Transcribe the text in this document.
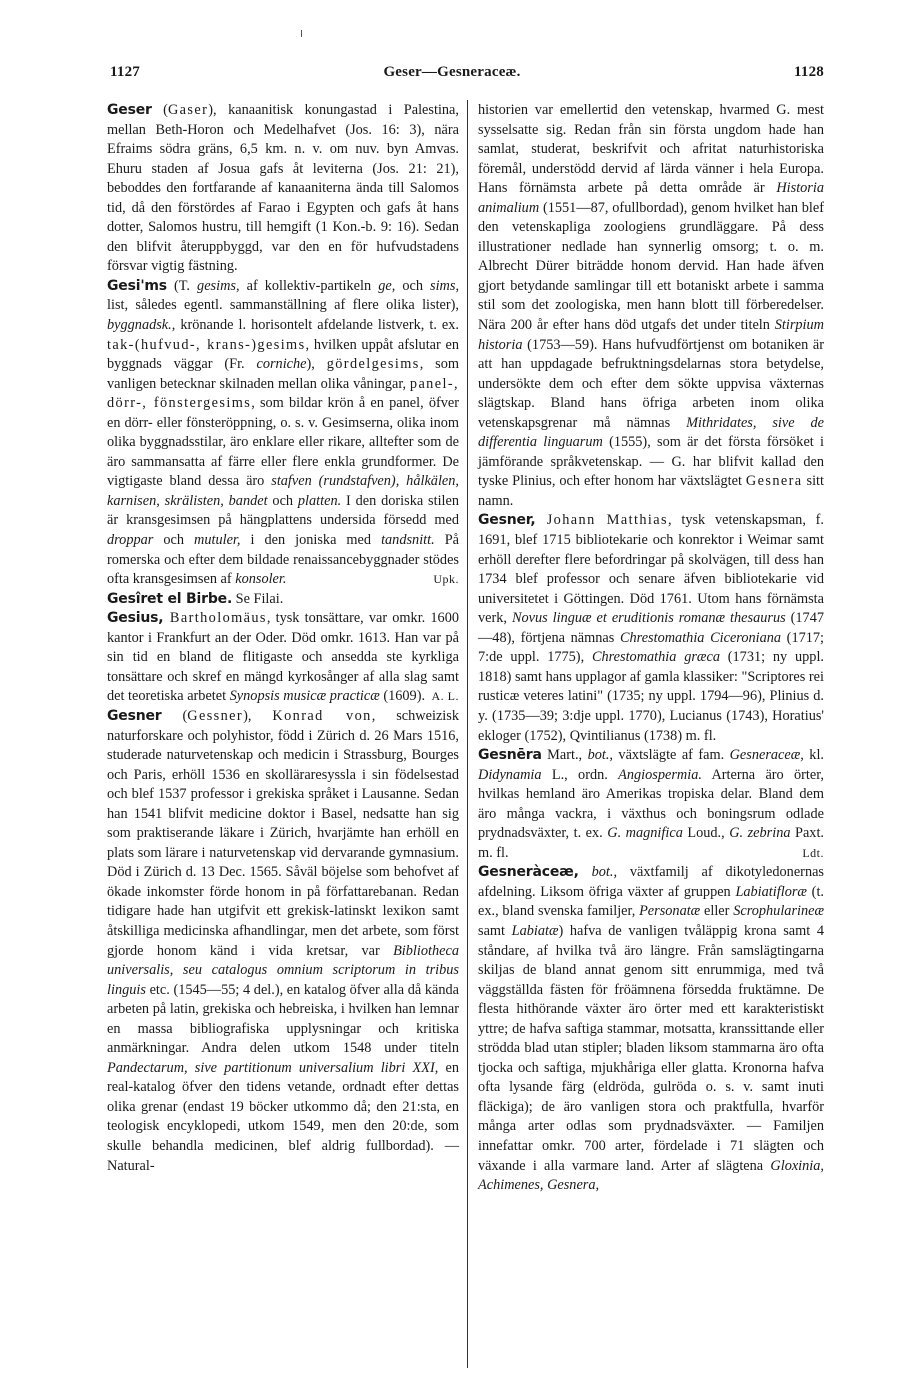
1127	Geser—Gesneraceæ.	1128

Geser (Gaser), kanaanitisk konungastad i Palestina, mellan Beth-Horon och Medelhafvet (Jos. 16: 3), nära Efraims södra gräns, 6,5 km. n. v. om nuv. byn Amvas. Ehuru staden af Josua gafs åt leviterna (Jos. 21: 21), beboddes den fortfarande af kanaaniterna ända till Salomos tid, då den förstördes af Farao i Egypten och gafs åt hans dotter, Salomos hustru, till hemgift (1 Kon.-b. 9: 16). Sedan den blifvit återuppbyggd, var den en för hufvudstadens försvar vigtig fästning.

Gesi'ms (T. gesims, af kollektiv-partikeln ge, och sims, list, således egentl. sammanställning af flere olika lister), byggnadsk., krönande l. horisontelt afdelande listverk, t. ex. tak-(hufvud-, krans-)gesims, hvilken uppåt afslutar en byggnads väggar (Fr. corniche), gördelgesims, som vanligen betecknar skilnaden mellan olika våningar, panel-, dörr-, fönstergesims, som bildar krön å en panel, öfver en dörr- eller fönsteröppning, o. s. v. Gesimserna, olika inom olika byggnadsstilar, äro enklare eller rikare, alltefter som de äro sammansatta af färre eller flere enkla grundformer. De vigtigaste bland dessa äro stafven (rundstafven), hålkälen, karnisen, skrälisten, bandet och platten. I den doriska stilen är kransgesimsen på hängplattens undersida försedd med droppar och mutuler, i den joniska med tandsnitt. På romerska och efter dem bildade renaissancebyggnader stödes ofta kransgesimsen af konsoler.	Upk.

Gesîret el Birbe. Se Filai.

Gesius, Bartholomäus, tysk tonsättare, var omkr. 1600 kantor i Frankfurt an der Oder. Död omkr. 1613. Han var på sin tid en bland de flitigaste och ansedda ste kyrkliga tonsättare och skref en mängd kyrkosånger af alla slag samt det teoretiska arbetet Synopsis musicæ practicæ (1609). A. L.

Gesner (Gessner), Konrad von, schweizisk naturforskare och polyhistor, född i Zürich d. 26 Mars 1516, studerade naturvetenskap och medicin i Strassburg, Bourges och Paris, erhöll 1536 en skolläraresyssla i sin födelsestad och blef 1537 professor i grekiska språket i Lausanne. Sedan han 1541 blifvit medicine doktor i Basel, nedsatte han sig som praktiserande läkare i Zürich, hvarjämte han erhöll en plats som lärare i naturvetenskap vid dervarande gymnasium. Död i Zürich d. 13 Dec. 1565. Såväl böjelse som behofvet af ökade inkomster förde honom in på författarebanan. Redan tidigare hade han utgifvit ett grekisk-latinskt lexikon samt åtskilliga medicinska afhandlingar, men det arbete, som först gjorde honom känd i vida kretsar, var Bibliotheca universalis, seu catalogus omnium scriptorum in tribus linguis etc. (1545—55; 4 del.), en katalog öfver alla då kända arbeten på latin, grekiska och hebreiska, i hvilken han lemnar en massa bibliografiska upplysningar och kritiska anmärkningar. Andra delen utkom 1548 under titeln Pandectarum, sive partitionum universalium libri XXI, en real-katalog öfver den tidens vetande, ordnadt efter dettas olika grenar (endast 19 böcker utkommo då; den 21:sta, en teologisk encyklopedi, utkom 1549, men den 20:de, som skulle behandla medicinen, blef aldrig fullbordad). — Natural-

historien var emellertid den vetenskap, hvarmed G. mest sysselsatte sig. Redan från sin första ungdom hade han samlat, studerat, beskrifvit och afritat naturhistoriska föremål, understödd dervid af lärda vänner i hela Europa. Hans förnämsta arbete på detta område är Historia animalium (1551—87, ofullbordad), genom hvilket han blef den vetenskapliga zoologiens grundläggare. På dess illustrationer nedlade han synnerlig omsorg; t. o. m. Albrecht Dürer biträdde honom dervid. Han hade äfven gjort betydande samlingar till ett botaniskt arbete i samma stil som det zoologiska, men hann blott till förberedelser. Nära 200 år efter hans död utgafs det under titeln Stirpium historia (1753—59). Hans hufvudförtjenst om botaniken är att han uppdagade befruktningsdelarnas stora betydelse, undersökte dem och efter dem sökte uppvisa växternas slägtskap. Bland hans öfriga arbeten inom olika vetenskapsgrenar må nämnas Mithridates, sive de differentia linguarum (1555), som är det första försöket i jämförande språkvetenskap. — G. har blifvit kallad den tyske Plinius, och efter honom har växtslägtet Gesnera sitt namn.

Gesner, Johann Matthias, tysk vetenskapsman, f. 1691, blef 1715 bibliotekarie och konrektor i Weimar samt erhöll derefter flere befordringar på skolvägen, till dess han 1734 blef professor och senare äfven bibliotekarie vid universitetet i Göttingen. Död 1761. Utom hans förnämsta verk, Novus linguæ et eruditionis romanæ thesaurus (1747—48), förtjena nämnas Chrestomathia Ciceroniana (1717; 7:de uppl. 1775), Chrestomathia græca (1731; ny uppl. 1818) samt hans upplagor af gamla klassiker: "Scriptores rei rusticæ veteres latini" (1735; ny uppl. 1794—96), Plinius d. y. (1735—39; 3:dje uppl. 1770), Lucianus (1743), Horatius' ekloger (1752), Qvintilianus (1738) m. fl.

Gesnēra Mart., bot., växtslägte af fam. Gesneraceæ, kl. Didynamia L., ordn. Angiospermia. Arterna äro örter, hvilkas hemland äro Amerikas tropiska delar. Bland dem äro många vackra, i växthus och boningsrum odlade prydnadsväxter, t. ex. G. magnifica Loud., G. zebrina Paxt. m. fl.	Ldt.

Gesneràceæ, bot., växtfamilj af dikotyledonernas afdelning. Liksom öfriga växter af gruppen Labiatifloræ (t. ex., bland svenska familjer, Personatæ eller Scrophularineæ samt Labiatæ) hafva de vanligen tvåläppig krona samt 4 ståndare, af hvilka två äro längre. Från samslägtingarna skiljas de bland annat genom sitt enrummiga, med två väggställda fästen för fröämnena försedda fruktämne. De flesta hithörande växter äro örter med ett karakteristiskt yttre; de hafva saftiga stammar, motsatta, kranssittande eller strödda blad utan stipler; bladen liksom stammarna äro ofta tjocka och saftiga, mjukhåriga eller glatta. Kronorna hafva ofta lysande färg (eldröda, gulröda o. s. v. samt inuti fläckiga); de äro vanligen stora och praktfulla, hvarför många arter odlas som prydnadsväxter. — Familjen innefattar omkr. 700 arter, fördelade i 71 slägten och växande i alla varmare land. Arter af slägtena Gloxinia, Achimenes, Gesnera,
